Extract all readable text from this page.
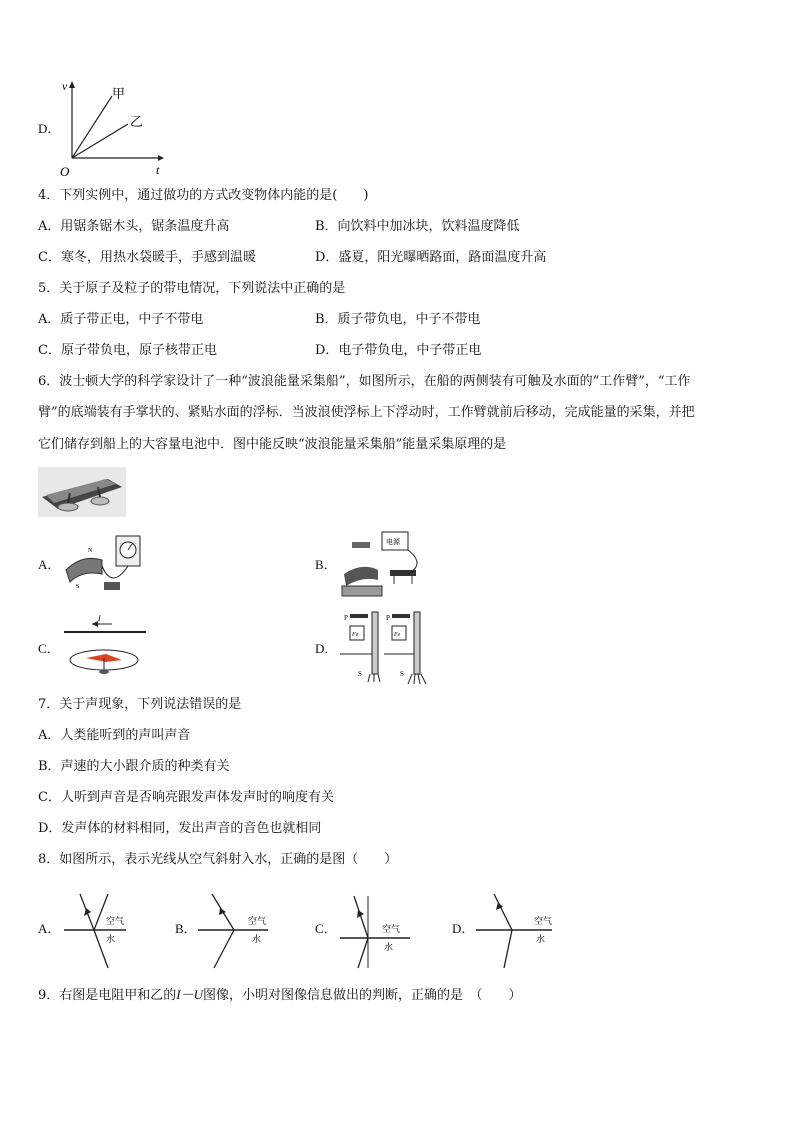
D．
v
t
O
甲
乙
4．下列实例中，通过做功的方式改变物体内能的是(　　)
A．用锯条锯木头，锯条温度升高	B．向饮料中加冰块，饮料温度降低
C．寒冬，用热水袋暖手，手感到温暖	D．盛夏，阳光曝晒路面，路面温度升高
5．关于原子及粒子的带电情况，下列说法中正确的是
A．质子带正电，中子不带电	B．质子带负电，中子不带电
C．原子带负电，原子核带正电	D．电子带负电，中子带正电
6．波士顿大学的科学家设计了一种“波浪能量采集船”，如图所示，在船的两侧装有可触及水面的“工作臂”，“工作
臂”的底端装有手掌状的、紧贴水面的浮标．当波浪使浮标上下浮动时，工作臂就前后移动，完成能量的采集，并把
它们储存到船上的大容量电池中．图中能反映“波浪能量采集船”能量采集原理的是
A．
N
S
B．
电源
C．
I
D．
P
Fe
S
P
Fe
S
7．关于声现象，下列说法错误的是
A．人类能听到的声叫声音
B．声速的大小跟介质的种类有关
C．人听到声音是否响亮跟发声体发声时的响度有关
D．发声体的材料相同，发出声音的音色也就相同
8．如图所示，表示光线从空气斜射入水，正确的是图（　　）
A．	空气
水
B．	空气
水
C．	空气
水
D．	空气
水
9．右图是电阻甲和乙的I－U图像，小明对图像信息做出的判断，正确的是　（　　）
